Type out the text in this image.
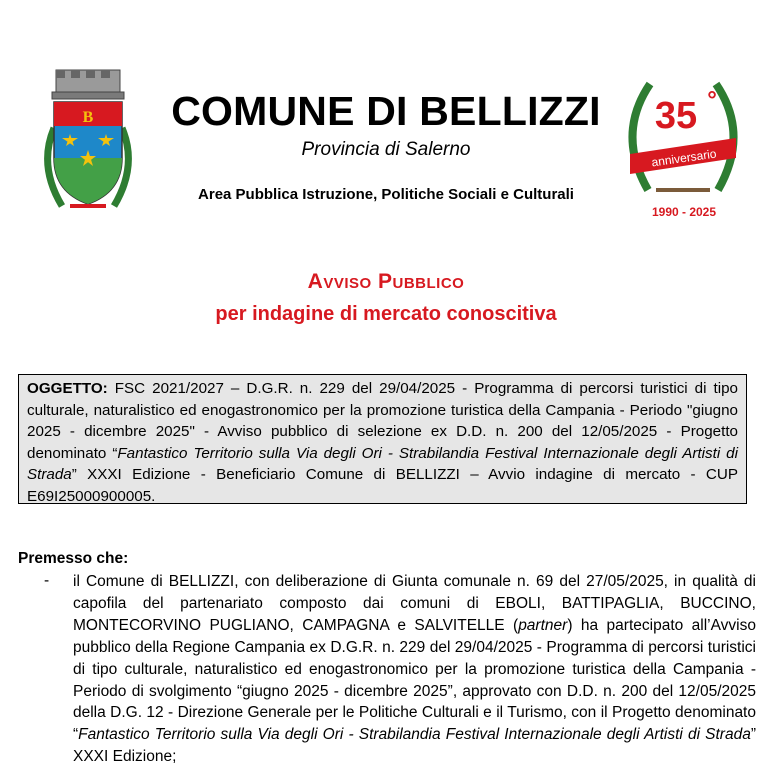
B	COMUNE DI BELLIZZI
Provincia di Salerno
Area Pubblica Istruzione, Politiche Sociali e Culturali
35 °
anniversario
1990 - 2025
Avviso Pubblico
per indagine di mercato conoscitiva

OGGETTO: FSC 2021/2027 – D.G.R. n. 229 del 29/04/2025 - Programma di percorsi turistici di tipo culturale, naturalistico ed enogastronomico per la promozione turistica della Campania - Periodo "giugno 2025 - dicembre 2025" - Avviso pubblico di selezione ex D.D. n. 200 del 12/05/2025 - Progetto denominato “Fantastico Territorio sulla Via degli Ori - Strabilandia Festival Internazionale degli Artisti di Strada” XXXI Edizione - Beneficiario Comune di BELLIZZI – Avvio indagine di mercato - CUP E69I25000900005.

Premesso che:
- il Comune di BELLIZZI, con deliberazione di Giunta comunale n. 69 del 27/05/2025, in qualità di capofila del partenariato composto dai comuni di EBOLI, BATTIPAGLIA, BUCCINO, MONTECORVINO PUGLIANO, CAMPAGNA e SALVITELLE (partner) ha partecipato all’Avviso pubblico della Regione Campania ex D.G.R. n. 229 del 29/04/2025 - Programma di percorsi turistici di tipo culturale, naturalistico ed enogastronomico per la promozione turistica della Campania - Periodo di svolgimento “giugno 2025 - dicembre 2025”, approvato con D.D. n. 200 del 12/05/2025 della D.G. 12 - Direzione Generale per le Politiche Culturali e il Turismo, con il Progetto denominato “Fantastico Territorio sulla Via degli Ori - Strabilandia Festival Internazionale degli Artisti di Strada” XXXI Edizione;
